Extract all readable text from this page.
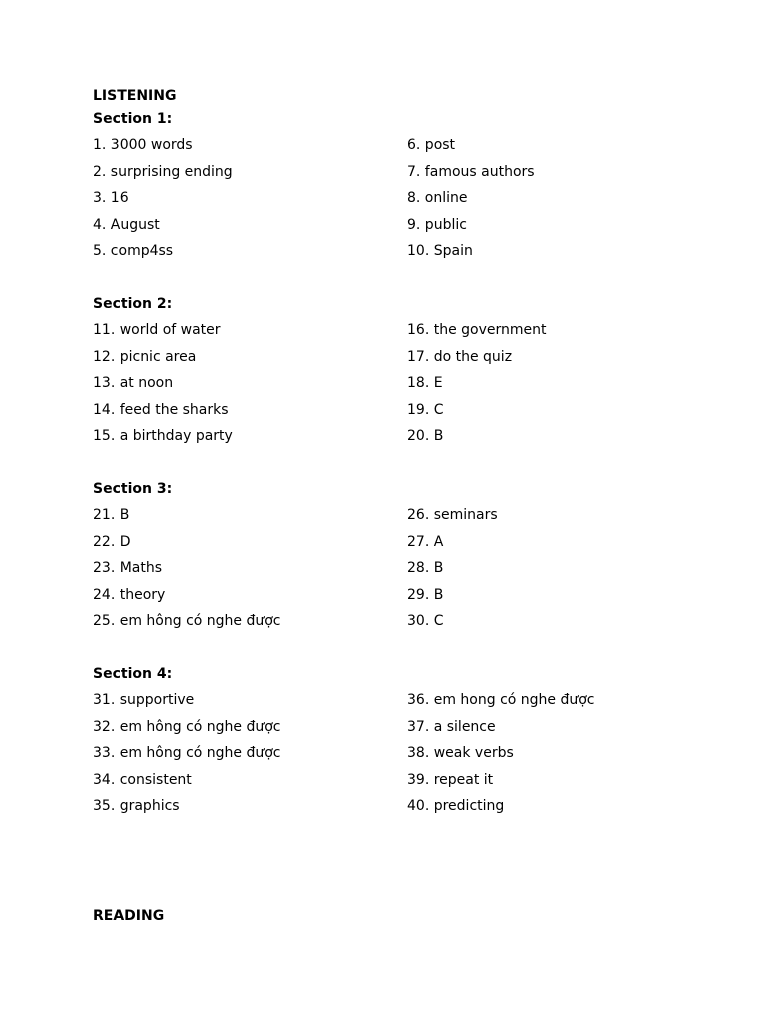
LISTENING
Section 1:
1. 3000 words	6. post
2. surprising ending	7. famous authors
3. 16	8. online
4. August	9. public
5. comp4ss	10. Spain
Section 2:
11. world of water	16. the government
12. picnic area	17. do the quiz
13. at noon	18. E
14. feed the sharks	19. C
15. a birthday party	20. B
Section 3:
21. B	26. seminars
22. D	27. A
23. Maths	28. B
24. theory	29. B
25. em hông có nghe được	30. C
Section 4:
31. supportive	36. em hong có nghe được
32. em hông có nghe được	37. a silence
33. em hông có nghe được	38. weak verbs
34. consistent	39. repeat it
35. graphics	40. predicting
READING
